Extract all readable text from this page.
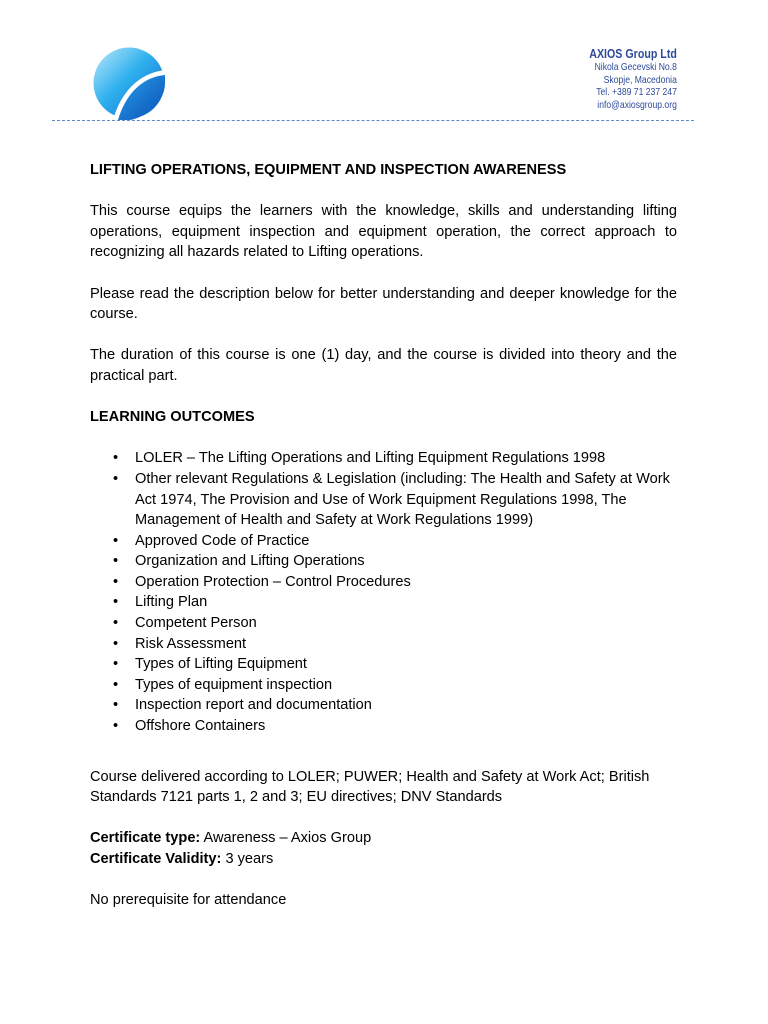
AXIOS Group Ltd
Nikola Gecevski No.8
Skopje, Macedonia
Tel. +389 71 237 247
info@axiosgroup.org
LIFTING OPERATIONS, EQUIPMENT AND INSPECTION AWARENESS

This course equips the learners with the knowledge, skills and understanding lifting operations, equipment inspection and equipment operation, the correct approach to recognizing all hazards related to Lifting operations.

Please read the description below for better understanding and deeper knowledge for the course.

The duration of this course is one (1) day, and the course is divided into theory and the practical part.

LEARNING OUTCOMES
• LOLER – The Lifting Operations and Lifting Equipment Regulations 1998
• Other relevant Regulations & Legislation (including: The Health and Safety at Work Act 1974, The Provision and Use of Work Equipment Regulations 1998, The Management of Health and Safety at Work Regulations 1999)
• Approved Code of Practice
• Organization and Lifting Operations
• Operation Protection – Control Procedures
• Lifting Plan
• Competent Person
• Risk Assessment
• Types of Lifting Equipment
• Types of equipment inspection
• Inspection report and documentation
• Offshore Containers

Course delivered according to LOLER; PUWER; Health and Safety at Work Act; British Standards 7121 parts 1, 2 and 3; EU directives; DNV Standards

Certificate type: Awareness – Axios Group
Certificate Validity: 3 years

No prerequisite for attendance
